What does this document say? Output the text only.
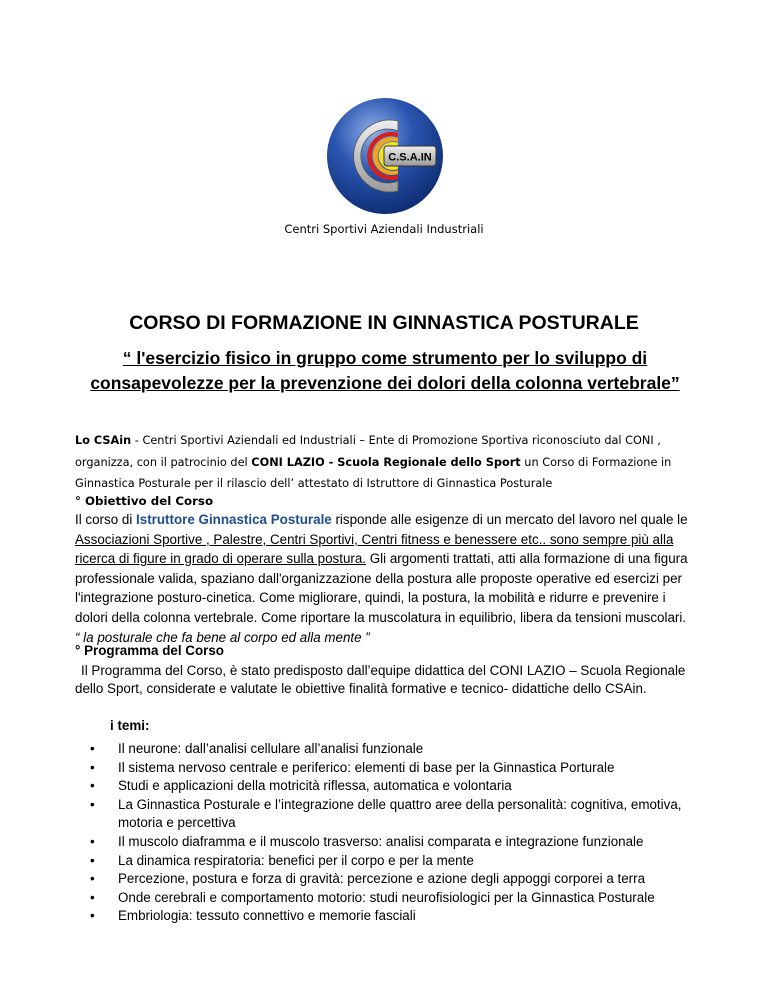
C.S.A.IN
Centri Sportivi Aziendali Industriali
CORSO DI FORMAZIONE IN GINNASTICA POSTURALE
“ l'esercizio fisico in gruppo come strumento per lo sviluppo di consapevolezze per la prevenzione dei dolori della colonna vertebrale”
Lo CSAin - Centri Sportivi Aziendali ed Industriali – Ente di Promozione Sportiva riconosciuto dal CONI , organizza, con il patrocinio del CONI LAZIO - Scuola Regionale dello Sport un Corso di Formazione in Ginnastica Posturale per il rilascio dell’ attestato di Istruttore di Ginnastica Posturale
° Obiettivo del Corso
Il corso di Istruttore Ginnastica Posturale risponde alle esigenze di un mercato del lavoro nel quale le Associazioni Sportive , Palestre, Centri Sportivi, Centri fitness e benessere etc.. sono sempre più alla ricerca di figure in grado di operare sulla postura. Gli argomenti trattati, atti alla formazione di una figura professionale valida, spaziano dall'organizzazione della postura alle proposte operative ed esercizi per l'integrazione posturo-cinetica. Come migliorare, quindi, la postura, la mobilità e ridurre e prevenire i dolori della colonna vertebrale. Come riportare la muscolatura in equilibrio, libera da tensioni muscolari.
“ la posturale che fa bene al corpo ed alla mente ”
° Programma del Corso
Il Programma del Corso, è stato predisposto dall’equipe didattica del CONI LAZIO – Scuola Regionale dello Sport, considerate e valutate le obiettive finalità formative e tecnico- didattiche dello CSAin.
i temi:
• Il neurone: dall’analisi cellulare all’analisi funzionale
• Il sistema nervoso centrale e periferico: elementi di base per la Ginnastica Porturale
• Studi e applicazioni della motricità riflessa, automatica e volontaria
• La Ginnastica Posturale e l’integrazione delle quattro aree della personalità: cognitiva, emotiva, motoria e percettiva
• Il muscolo diaframma e il muscolo trasverso: analisi comparata e integrazione funzionale
• La dinamica respiratoria: benefici per il corpo e per la mente
• Percezione, postura e forza di gravità: percezione e azione degli appoggi corporei a terra
• Onde cerebrali e comportamento motorio: studi neurofisiologici per la Ginnastica Posturale
• Embriologia: tessuto connettivo e memorie fasciali
